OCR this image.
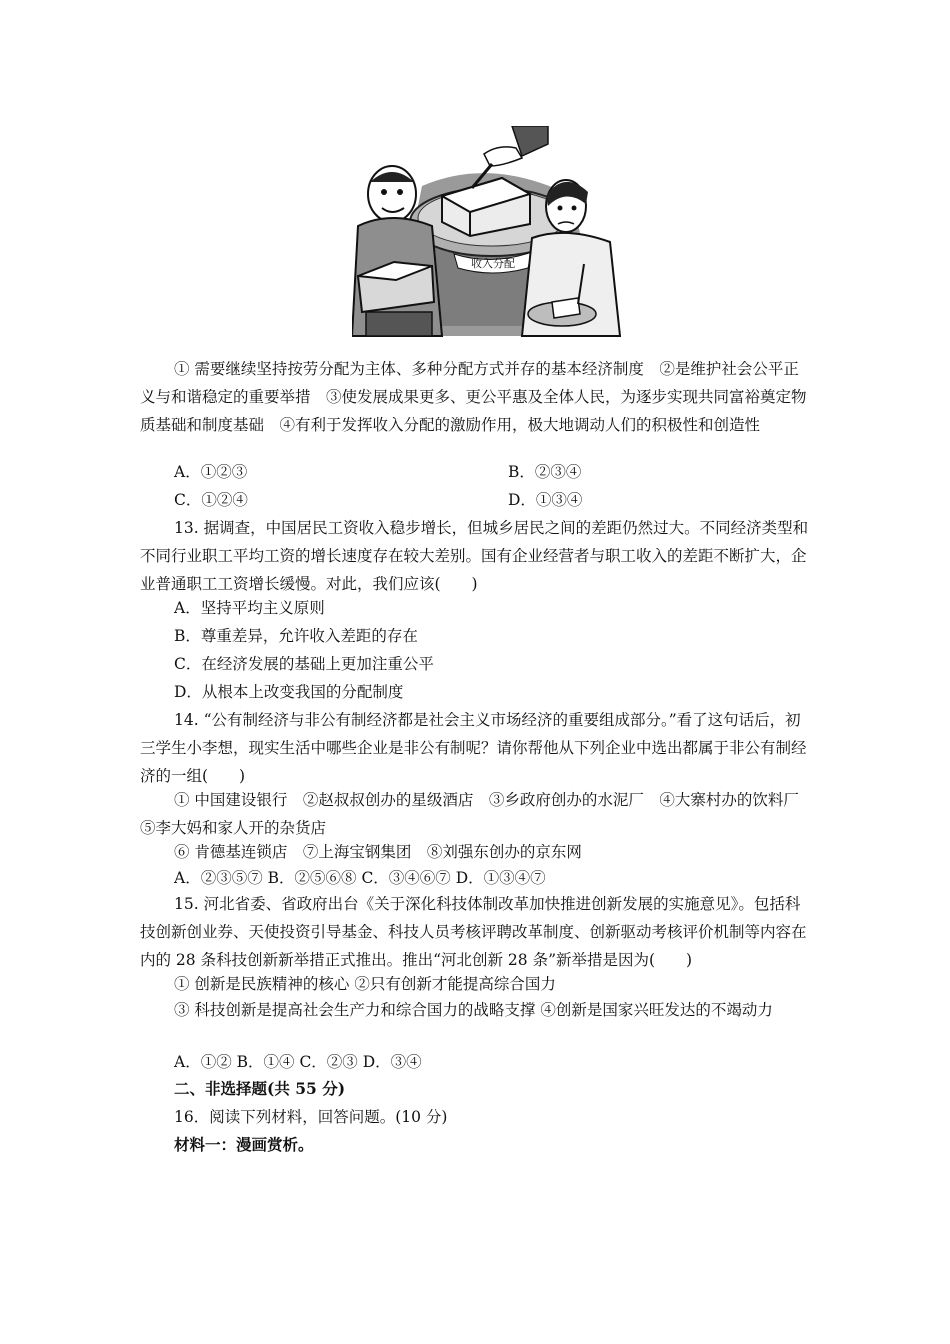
收入分配
① 需要继续坚持按劳分配为主体、多种分配方式并存的基本经济制度　②是维护社会公平正义与和谐稳定的重要举措　③使发展成果更多、更公平惠及全体人民，为逐步实现共同富裕奠定物质基础和制度基础　④有利于发挥收入分配的激励作用，极大地调动人们的积极性和创造性
A．①②③	B．②③④
C．①②④	D．①③④
13. 据调查，中国居民工资收入稳步增长，但城乡居民之间的差距仍然过大。不同经济类型和不同行业职工平均工资的增长速度存在较大差别。国有企业经营者与职工收入的差距不断扩大，企业普通职工工资增长缓慢。对此，我们应该(　　)
A．坚持平均主义原则
B．尊重差异，允许收入差距的存在
C．在经济发展的基础上更加注重公平
D．从根本上改变我国的分配制度
14. “公有制经济与非公有制经济都是社会主义市场经济的重要组成部分。”看了这句话后，初三学生小李想，现实生活中哪些企业是非公有制呢？请你帮他从下列企业中选出都属于非公有制经济的一组(　　)
① 中国建设银行　②赵叔叔创办的星级酒店　③乡政府创办的水泥厂　④大寨村办的饮料厂　⑤李大妈和家人开的杂货店
⑥ 肯德基连锁店　⑦上海宝钢集团　⑧刘强东创办的京东网
A．②③⑤⑦ B．②⑤⑥⑧ C．③④⑥⑦ D．①③④⑦
15. 河北省委、省政府出台《关于深化科技体制改革加快推进创新发展的实施意见》。包括科技创新创业券、天使投资引导基金、科技人员考核评聘改革制度、创新驱动考核评价机制等内容在内的 28 条科技创新新举措正式推出。推出“河北创新 28 条”新举措是因为(　　)
① 创新是民族精神的核心 ②只有创新才能提高综合国力
③ 科技创新是提高社会生产力和综合国力的战略支撑 ④创新是国家兴旺发达的不竭动力
A．①② B．①④ C．②③ D．③④
二、非选择题(共 55 分)
16．阅读下列材料，回答问题。(10 分)
材料一：漫画赏析。
